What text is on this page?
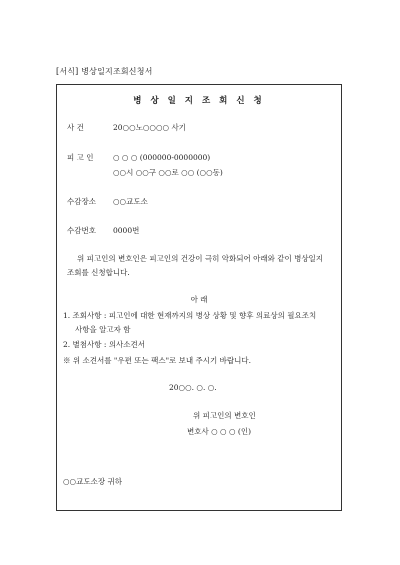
[서식] 병상일지조회신청서
병 상 일 지 조 회 신 청
사 건	20○○노○○○○ 사기
피 고 인	○ ○ ○ (000000-0000000)
○○시 ○○구 ○○로 ○○ (○○동)
수감장소 ○○교도소
수감번호 0000번
위 피고인의 변호인은 피고인의 건강이 극히 악화되어 아래와 같이 병상일지
조회를 신청합니다.
아 래
1. 조회사항 : 피고인에 대한 현재까지의 병상 상황 및 향후 의료상의 필요조치
사항을 알고자 함
2. 별첨사항 : 의사소견서
※ 위 소견서를 "우편 또는 팩스"로 보내 주시기 바랍니다.
20○○. ○. ○.
위 피고인의 변호인
변호사 ○ ○ ○ (인)
○○교도소장 귀하
